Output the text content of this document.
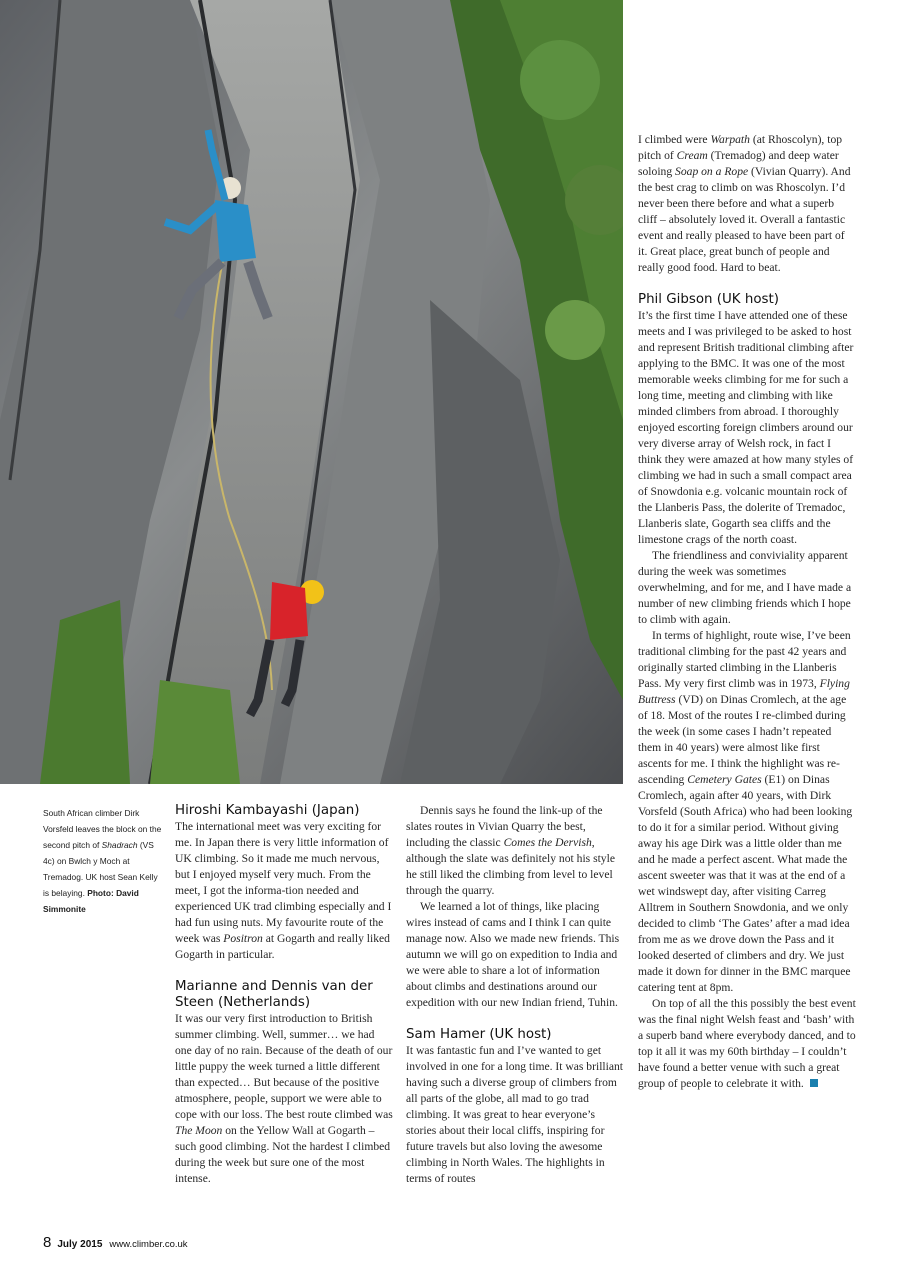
South African climber Dirk Vorsfeld leaves the block on the second pitch of Shadrach (VS 4c) on Bwlch y Moch at Tremadog. UK host Sean Kelly is belaying. Photo: David Simmonite
Hiroshi Kambayashi (Japan)

The international meet was very exciting for me. In Japan there is very little information of UK climbing. So it made me much nervous, but I enjoyed myself very much. From the meet, I got the informa-tion needed and experienced UK trad climbing especially and I had fun using nuts. My favourite route of the week was Positron at Gogarth and really liked Gogarth in particular.

Marianne and Dennis van der Steen (Netherlands)

It was our very first introduction to British summer climbing. Well, summer… we had one day of no rain. Because of the death of our little puppy the week turned a little different than expected… But because of the positive atmosphere, people, support we were able to cope with our loss. The best route climbed was The Moon on the Yellow Wall at Gogarth – such good climbing. Not the hardest I climbed during the week but sure one of the most intense.

Dennis says he found the link-up of the slates routes in Vivian Quarry the best, including the classic Comes the Dervish, although the slate was definitely not his style he still liked the climbing from level to level through the quarry.

We learned a lot of things, like placing wires instead of cams and I think I can quite manage now. Also we made new friends. This autumn we will go on expedition to India and we were able to share a lot of information about climbs and destinations around our expedition with our new Indian friend, Tuhin.

Sam Hamer (UK host)

It was fantastic fun and I’ve wanted to get involved in one for a long time. It was brilliant having such a diverse group of climbers from all parts of the globe, all mad to go trad climbing. It was great to hear everyone’s stories about their local cliffs, inspiring for future travels but also loving the awesome climbing in North Wales. The highlights in terms of routes

I climbed were Warpath (at Rhoscolyn), top pitch of Cream (Tremadog) and deep water soloing Soap on a Rope (Vivian Quarry). And the best crag to climb on was Rhoscolyn. I’d never been there before and what a superb cliff – absolutely loved it. Overall a fantastic event and really pleased to have been part of it. Great place, great bunch of people and really good food. Hard to beat.

Phil Gibson (UK host)

It’s the first time I have attended one of these meets and I was privileged to be asked to host and represent British traditional climbing after applying to the BMC. It was one of the most memorable weeks climbing for me for such a long time, meeting and climbing with like minded climbers from abroad. I thoroughly enjoyed escorting foreign climbers around our very diverse array of Welsh rock, in fact I think they were amazed at how many styles of climbing we had in such a small compact area of Snowdonia e.g. volcanic mountain rock of the Llanberis Pass, the dolerite of Tremadoc, Llanberis slate, Gogarth sea cliffs and the limestone crags of the north coast.

The friendliness and conviviality apparent during the week was sometimes overwhelming, and for me, and I have made a number of new climbing friends which I hope to climb with again.

In terms of highlight, route wise, I’ve been traditional climbing for the past 42 years and originally started climbing in the Llanberis Pass. My very first climb was in 1973, Flying Buttress (VD) on Dinas Cromlech, at the age of 18. Most of the routes I re-climbed during the week (in some cases I hadn’t repeated them in 40 years) were almost like first ascents for me. I think the highlight was re-ascending Cemetery Gates (E1) on Dinas Cromlech, again after 40 years, with Dirk Vorsfeld (South Africa) who had been looking to do it for a similar period. Without giving away his age Dirk was a little older than me and he made a perfect ascent. What made the ascent sweeter was that it was at the end of a wet windswept day, after visiting Carreg Alltrem in Southern Snowdonia, and we only decided to climb ‘The Gates’ after a mad idea from me as we drove down the Pass and it looked deserted of climbers and dry. We just made it down for dinner in the BMC marquee catering tent at 8pm.

On top of all the this possibly the best event was the final night Welsh feast and ‘bash’ with a superb band where everybody danced, and to top it all it was my 60th birthday – I couldn’t have found a better venue with such a great group of people to celebrate it with.

8 July 2015 www.climber.co.uk
